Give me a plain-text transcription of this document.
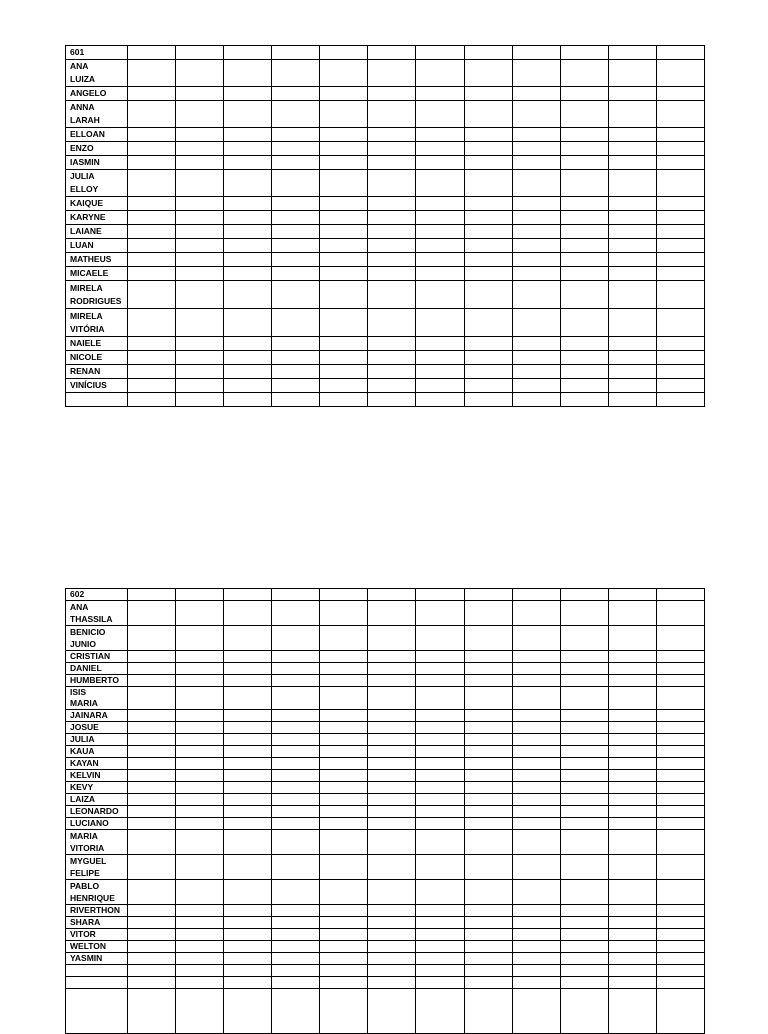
601												
ANA LUIZA												
ANGELO												
ANNA LARAH												
ELLOAN												
ENZO												
IASMIN												
JULIA ELLOY												
KAIQUE												
KARYNE												
LAIANE												
LUAN												
MATHEUS												
MICAELE												
MIRELA RODRIGUES												
MIRELA VITÓRIA												
NAIELE												
NICOLE												
RENAN												
VINÍCIUS												

602												
ANA THASSILA												
BENICIO JUNIO												
CRISTIAN												
DANIEL												
HUMBERTO												
ISIS MARIA												
JAINARA												
JOSUE												
JULIA												
KAUA												
KAYAN												
KELVIN												
KEVY												
LAIZA												
LEONARDO												
LUCIANO												
MARIA VITORIA												
MYGUEL FELIPE												
PABLO HENRIQUE												
RIVERTHON												
SHARA												
VITOR												
WELTON												
YASMIN												
